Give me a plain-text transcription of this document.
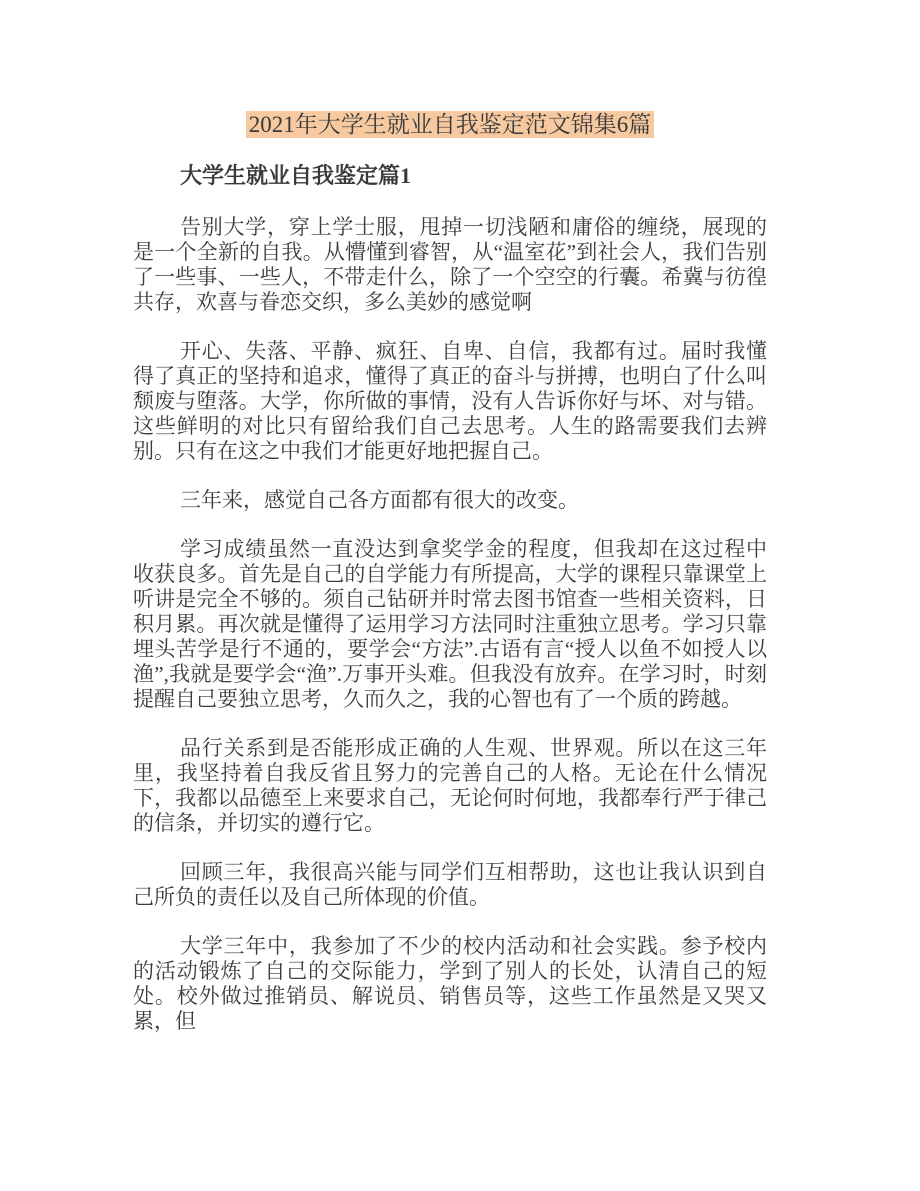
2021年大学生就业自我鉴定范文锦集6篇
大学生就业自我鉴定篇1

告别大学，穿上学士服，甩掉一切浅陋和庸俗的缠绕，展现的是一个全新的自我。从懵懂到睿智，从“温室花”到社会人，我们告别了一些事、一些人，不带走什么，除了一个空空的行囊。希冀与彷徨共存，欢喜与眷恋交织，多么美妙的感觉啊

开心、失落、平静、疯狂、自卑、自信，我都有过。届时我懂得了真正的坚持和追求，懂得了真正的奋斗与拼搏，也明白了什么叫颓废与堕落。大学，你所做的事情，没有人告诉你好与坏、对与错。这些鲜明的对比只有留给我们自己去思考。人生的路需要我们去辨别。只有在这之中我们才能更好地把握自己。

三年来，感觉自己各方面都有很大的改变。

学习成绩虽然一直没达到拿奖学金的程度，但我却在这过程中收获良多。首先是自己的自学能力有所提高，大学的课程只靠课堂上听讲是完全不够的。须自己钻研并时常去图书馆查一些相关资料，日积月累。再次就是懂得了运用学习方法同时注重独立思考。学习只靠埋头苦学是行不通的，要学会“方法”.古语有言“授人以鱼不如授人以渔”,我就是要学会“渔”.万事开头难。但我没有放弃。在学习时，时刻提醒自己要独立思考，久而久之，我的心智也有了一个质的跨越。

品行关系到是否能形成正确的人生观、世界观。所以在这三年里，我坚持着自我反省且努力的完善自己的人格。无论在什么情况下，我都以品德至上来要求自己，无论何时何地，我都奉行严于律己的信条，并切实的遵行它。

回顾三年，我很高兴能与同学们互相帮助，这也让我认识到自己所负的责任以及自己所体现的价值。

大学三年中，我参加了不少的校内活动和社会实践。参予校内的活动锻炼了自己的交际能力，学到了别人的长处，认清自己的短处。校外做过推销员、解说员、销售员等，这些工作虽然是又哭又累，但
